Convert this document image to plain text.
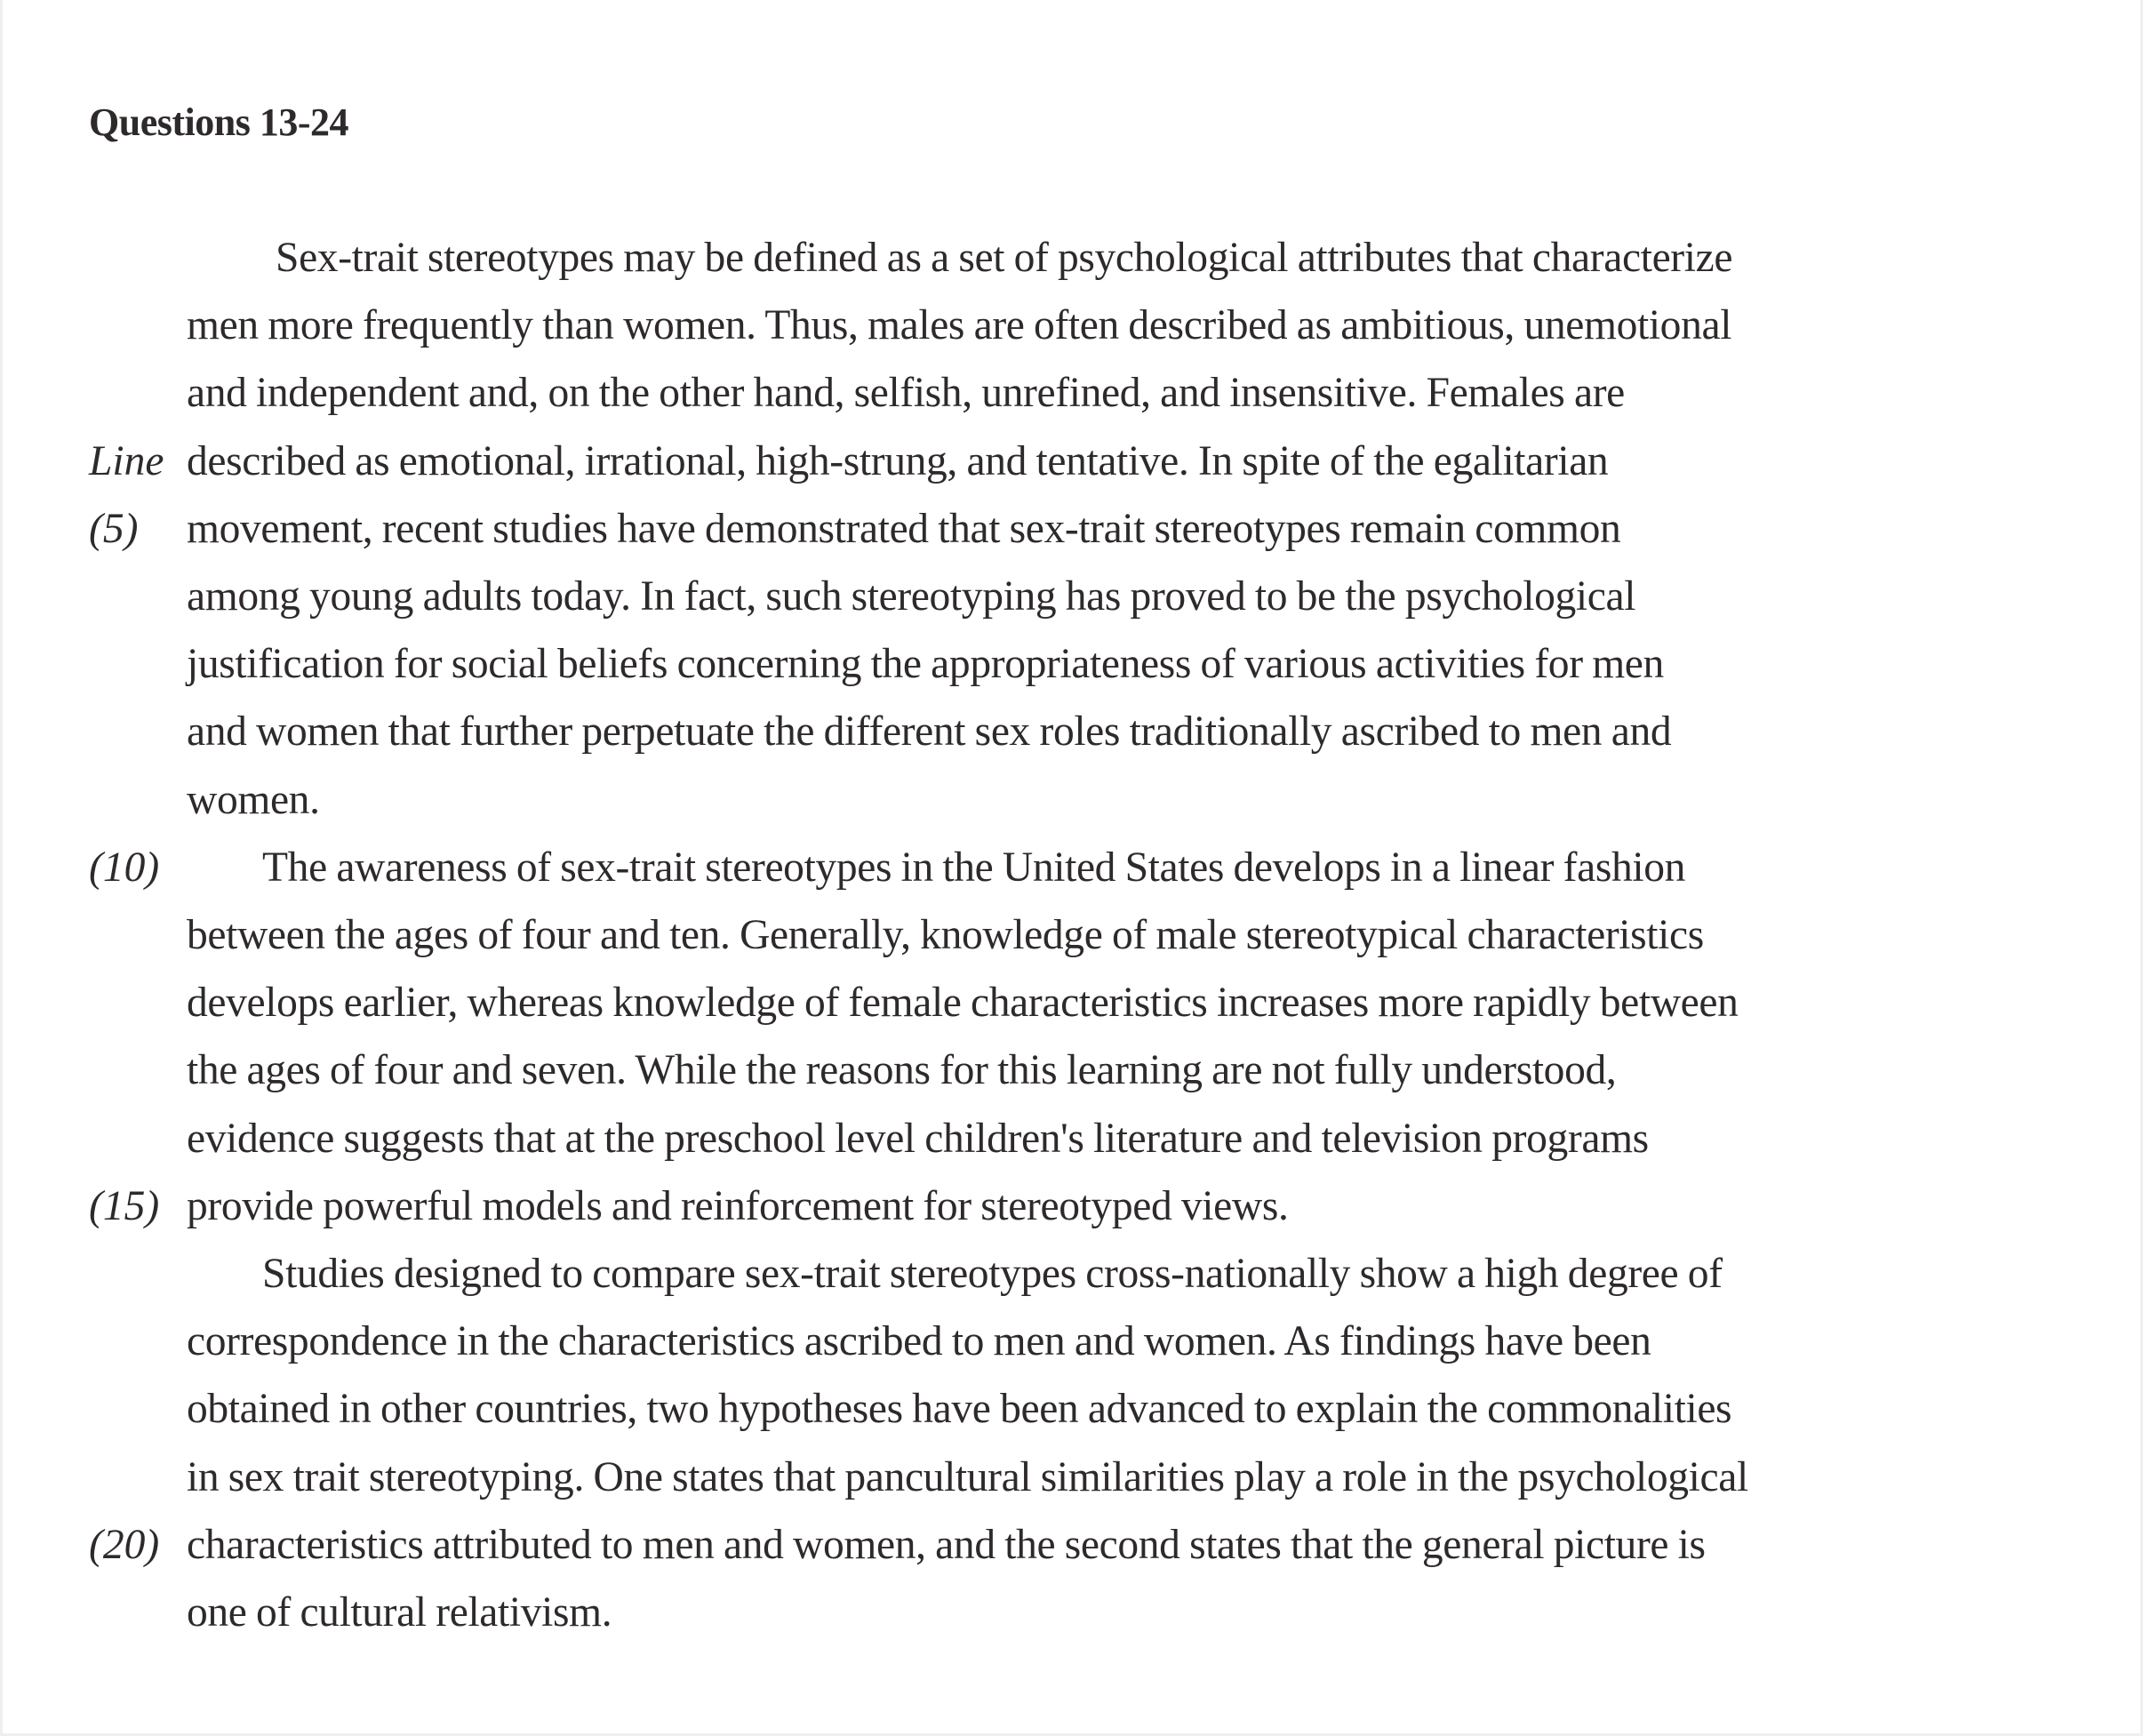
Questions 13-24
Sex-trait stereotypes may be defined as a set of psychological attributes that characterize
men more frequently than women. Thus, males are often described as ambitious, unemotional
and independent and, on the other hand, selfish, unrefined, and insensitive. Females are
Line described as emotional, irrational, high-strung, and tentative. In spite of the egalitarian
(5) movement, recent studies have demonstrated that sex-trait stereotypes remain common
among young adults today. In fact, such stereotyping has proved to be the psychological
justification for social beliefs concerning the appropriateness of various activities for men
and women that further perpetuate the different sex roles traditionally ascribed to men and
women.
(10) The awareness of sex-trait stereotypes in the United States develops in a linear fashion
between the ages of four and ten. Generally, knowledge of male stereotypical characteristics
develops earlier, whereas knowledge of female characteristics increases more rapidly between
the ages of four and seven. While the reasons for this learning are not fully understood,
evidence suggests that at the preschool level children's literature and television programs
(15) provide powerful models and reinforcement for stereotyped views.
Studies designed to compare sex-trait stereotypes cross-nationally show a high degree of
correspondence in the characteristics ascribed to men and women. As findings have been
obtained in other countries, two hypotheses have been advanced to explain the commonalities
in sex trait stereotyping. One states that pancultural similarities play a role in the psychological
(20) characteristics attributed to men and women, and the second states that the general picture is
one of cultural relativism.
